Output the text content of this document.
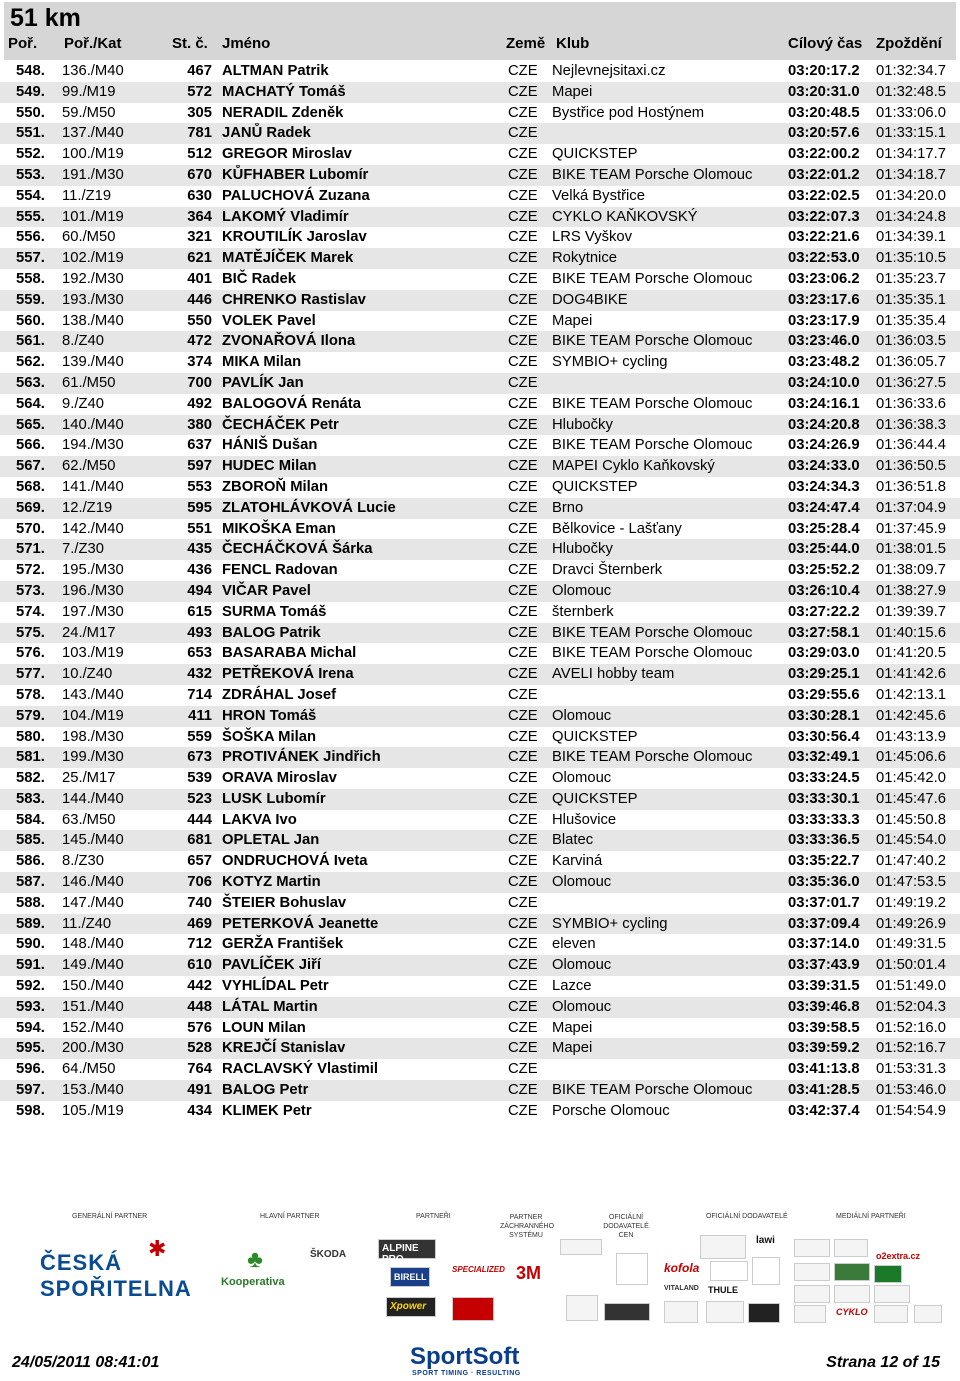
51 km
Poř. Poř./Kat	St. č. Jméno	Země Klub	Cílový čas Zpoždění
548.	136./M40	467	ALTMAN Patrik	CZE	Nejlevnejsitaxi.cz	03:20:17.2	01:32:34.7
549.	99./M19	572	MACHATÝ Tomáš	CZE	Mapei	03:20:31.0	01:32:48.5
550.	59./M50	305	NERADIL Zdeněk	CZE	Bystřice pod Hostýnem	03:20:48.5	01:33:06.0
551.	137./M40	781	JANŮ Radek	CZE		03:20:57.6	01:33:15.1
552.	100./M19	512	GREGOR Miroslav	CZE	QUICKSTEP	03:22:00.2	01:34:17.7
553.	191./M30	670	KŮFHABER Lubomír	CZE	BIKE TEAM Porsche Olomouc	03:22:01.2	01:34:18.7
554.	11./Z19	630	PALUCHOVÁ Zuzana	CZE	Velká Bystřice	03:22:02.5	01:34:20.0
555.	101./M19	364	LAKOMÝ Vladimír	CZE	CYKLO KAŇKOVSKÝ	03:22:07.3	01:34:24.8
556.	60./M50	321	KROUTILÍK Jaroslav	CZE	LRS Vyškov	03:22:21.6	01:34:39.1
557.	102./M19	621	MATĚJÍČEK Marek	CZE	Rokytnice	03:22:53.0	01:35:10.5
558.	192./M30	401	BIČ Radek	CZE	BIKE TEAM Porsche Olomouc	03:23:06.2	01:35:23.7
559.	193./M30	446	CHRENKO Rastislav	CZE	DOG4BIKE	03:23:17.6	01:35:35.1
560.	138./M40	550	VOLEK Pavel	CZE	Mapei	03:23:17.9	01:35:35.4
561.	8./Z40	472	ZVONAŘOVÁ Ilona	CZE	BIKE TEAM Porsche Olomouc	03:23:46.0	01:36:03.5
562.	139./M40	374	MIKA Milan	CZE	SYMBIO+ cycling	03:23:48.2	01:36:05.7
563.	61./M50	700	PAVLÍK Jan	CZE		03:24:10.0	01:36:27.5
564.	9./Z40	492	BALOGOVÁ Renáta	CZE	BIKE TEAM Porsche Olomouc	03:24:16.1	01:36:33.6
565.	140./M40	380	ČECHÁČEK Petr	CZE	Hlubočky	03:24:20.8	01:36:38.3
566.	194./M30	637	HÁNIŠ Dušan	CZE	BIKE TEAM Porsche Olomouc	03:24:26.9	01:36:44.4
567.	62./M50	597	HUDEC Milan	CZE	MAPEI Cyklo Kaňkovský	03:24:33.0	01:36:50.5
568.	141./M40	553	ZBOROŇ Milan	CZE	QUICKSTEP	03:24:34.3	01:36:51.8
569.	12./Z19	595	ZLATOHLÁVKOVÁ Lucie	CZE	Brno	03:24:47.4	01:37:04.9
570.	142./M40	551	MIKOŠKA Eman	CZE	Bělkovice - Lašťany	03:25:28.4	01:37:45.9
571.	7./Z30	435	ČECHÁČKOVÁ Šárka	CZE	Hlubočky	03:25:44.0	01:38:01.5
572.	195./M30	436	FENCL Radovan	CZE	Dravci Šternberk	03:25:52.2	01:38:09.7
573.	196./M30	494	VIČAR Pavel	CZE	Olomouc	03:26:10.4	01:38:27.9
574.	197./M30	615	SURMA Tomáš	CZE	šternberk	03:27:22.2	01:39:39.7
575.	24./M17	493	BALOG Patrik	CZE	BIKE TEAM Porsche Olomouc	03:27:58.1	01:40:15.6
576.	103./M19	653	BASARABA Michal	CZE	BIKE TEAM Porsche Olomouc	03:29:03.0	01:41:20.5
577.	10./Z40	432	PETŘEKOVÁ Irena	CZE	AVELI hobby team	03:29:25.1	01:41:42.6
578.	143./M40	714	ZDRÁHAL Josef	CZE		03:29:55.6	01:42:13.1
579.	104./M19	411	HRON Tomáš	CZE	Olomouc	03:30:28.1	01:42:45.6
580.	198./M30	559	ŠOŠKA Milan	CZE	QUICKSTEP	03:30:56.4	01:43:13.9
581.	199./M30	673	PROTIVÁNEK Jindřich	CZE	BIKE TEAM Porsche Olomouc	03:32:49.1	01:45:06.6
582.	25./M17	539	ORAVA Miroslav	CZE	Olomouc	03:33:24.5	01:45:42.0
583.	144./M40	523	LUSK Lubomír	CZE	QUICKSTEP	03:33:30.1	01:45:47.6
584.	63./M50	444	LAKVA Ivo	CZE	Hlušovice	03:33:33.3	01:45:50.8
585.	145./M40	681	OPLETAL Jan	CZE	Blatec	03:33:36.5	01:45:54.0
586.	8./Z30	657	ONDRUCHOVÁ Iveta	CZE	Karviná	03:35:22.7	01:47:40.2
587.	146./M40	706	KOTYZ Martin	CZE	Olomouc	03:35:36.0	01:47:53.5
588.	147./M40	740	ŠTEIER Bohuslav	CZE		03:37:01.7	01:49:19.2
589.	11./Z40	469	PETERKOVÁ Jeanette	CZE	SYMBIO+ cycling	03:37:09.4	01:49:26.9
590.	148./M40	712	GERŽA František	CZE	eleven	03:37:14.0	01:49:31.5
591.	149./M40	610	PAVLÍČEK Jiří	CZE	Olomouc	03:37:43.9	01:50:01.4
592.	150./M40	442	VYHLÍDAL Petr	CZE	Lazce	03:39:31.5	01:51:49.0
593.	151./M40	448	LÁTAL Martin	CZE	Olomouc	03:39:46.8	01:52:04.3
594.	152./M40	576	LOUN Milan	CZE	Mapei	03:39:58.5	01:52:16.0
595.	200./M30	528	KREJČÍ Stanislav	CZE	Mapei	03:39:59.2	01:52:16.7
596.	64./M50	764	RACLAVSKÝ Vlastimil	CZE		03:41:13.8	01:53:31.3
597.	153./M40	491	BALOG Petr	CZE	BIKE TEAM Porsche Olomouc	03:41:28.5	01:53:46.0
598.	105./M19	434	KLIMEK Petr	CZE	Porsche Olomouc	03:42:37.4	01:54:54.9
GENERÁLNÍ PARTNER	HLAVNÍ PARTNER	PARTNEŘI	PARTNER ZÁCHRANNÉHO SYSTÉMU
OFICIÁLNÍ DODAVATELÉ CEN
OFICIÁLNÍ DODAVATELÉ	MEDIÁLNÍ PARTNEŘI
ČESKÁ
SPOŘITELNA
✱	♣
Kooperativa
ŠKODA
ALPINE PRO
BIRELL
SPECIALIZED
Xpower
3M	kofola
VITALAND THULE
lawi
o2extra.cz
CYKLO
24/05/2011 08:41:01	SportSoft
SPORT TIMING · RESULTING
Strana 12 of 15
